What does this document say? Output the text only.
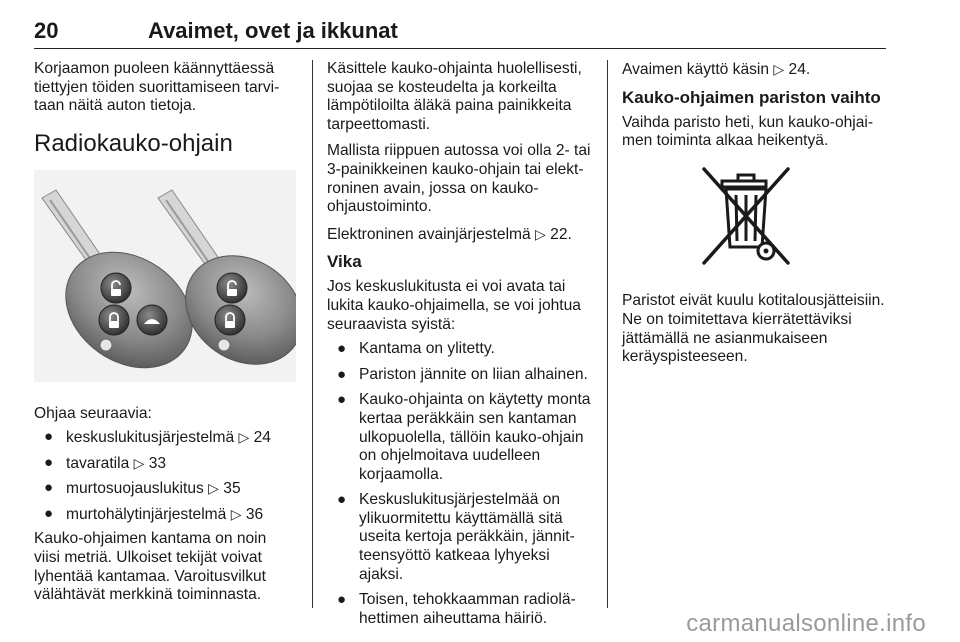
20	Avaimet, ovet ja ikkunat

Korjaamon puoleen käännyttäessä tiettyjen töiden suorittamiseen tarvitaan näitä auton tietoja.

Radiokauko-ohjain

Ohjaa seuraavia:

● keskuslukitusjärjestelmä ▷ 24
● tavaratila ▷ 33
● murtosuojauslukitus ▷ 35
● murtohälytinjärjestelmä ▷ 36

Kauko-ohjaimen kantama on noin viisi metriä. Ulkoiset tekijät voivat lyhentää kantamaa. Varoitusvilkut välähtävät merkkinä toiminnasta.

Käsittele kauko-ohjainta huolellisesti, suojaa se kosteudelta ja korkeilta lämpötiloilta äläkä paina painikkeita tarpeettomasti.

Mallista riippuen autossa voi olla 2- tai 3-painikkeinen kauko-ohjain tai elektroninen avain, jossa on kauko-ohjaustoiminto.

Elektroninen avainjärjestelmä ▷ 22.

Vika

Jos keskuslukitusta ei voi avata tai lukita kauko-ohjaimella, se voi johtua seuraavista syistä:

● Kantama on ylitetty.
● Pariston jännite on liian alhainen.
● Kauko-ohjainta on käytetty monta kertaa peräkkäin sen kantaman ulkopuolella, tällöin kauko-ohjain on ohjelmoitava uudelleen korjaamolla.
● Keskuslukitusjärjestelmää on ylikuormitettu käyttämällä sitä useita kertoja peräkkäin, jännitteensyöttö katkeaa lyhyeksi ajaksi.
● Toisen, tehokkaamman radiolähettimen aiheuttama häiriö.

Avaimen käyttö käsin ▷ 24.

Kauko-ohjaimen pariston vaihto

Vaihda paristo heti, kun kauko-ohjaimen toiminta alkaa heikentyä.

Paristot eivät kuulu kotitalousjätteisiin. Ne on toimitettava kierrätettäviksi jättämällä ne asianmukaiseen keräyspisteeseen.

carmanualsonline.info
